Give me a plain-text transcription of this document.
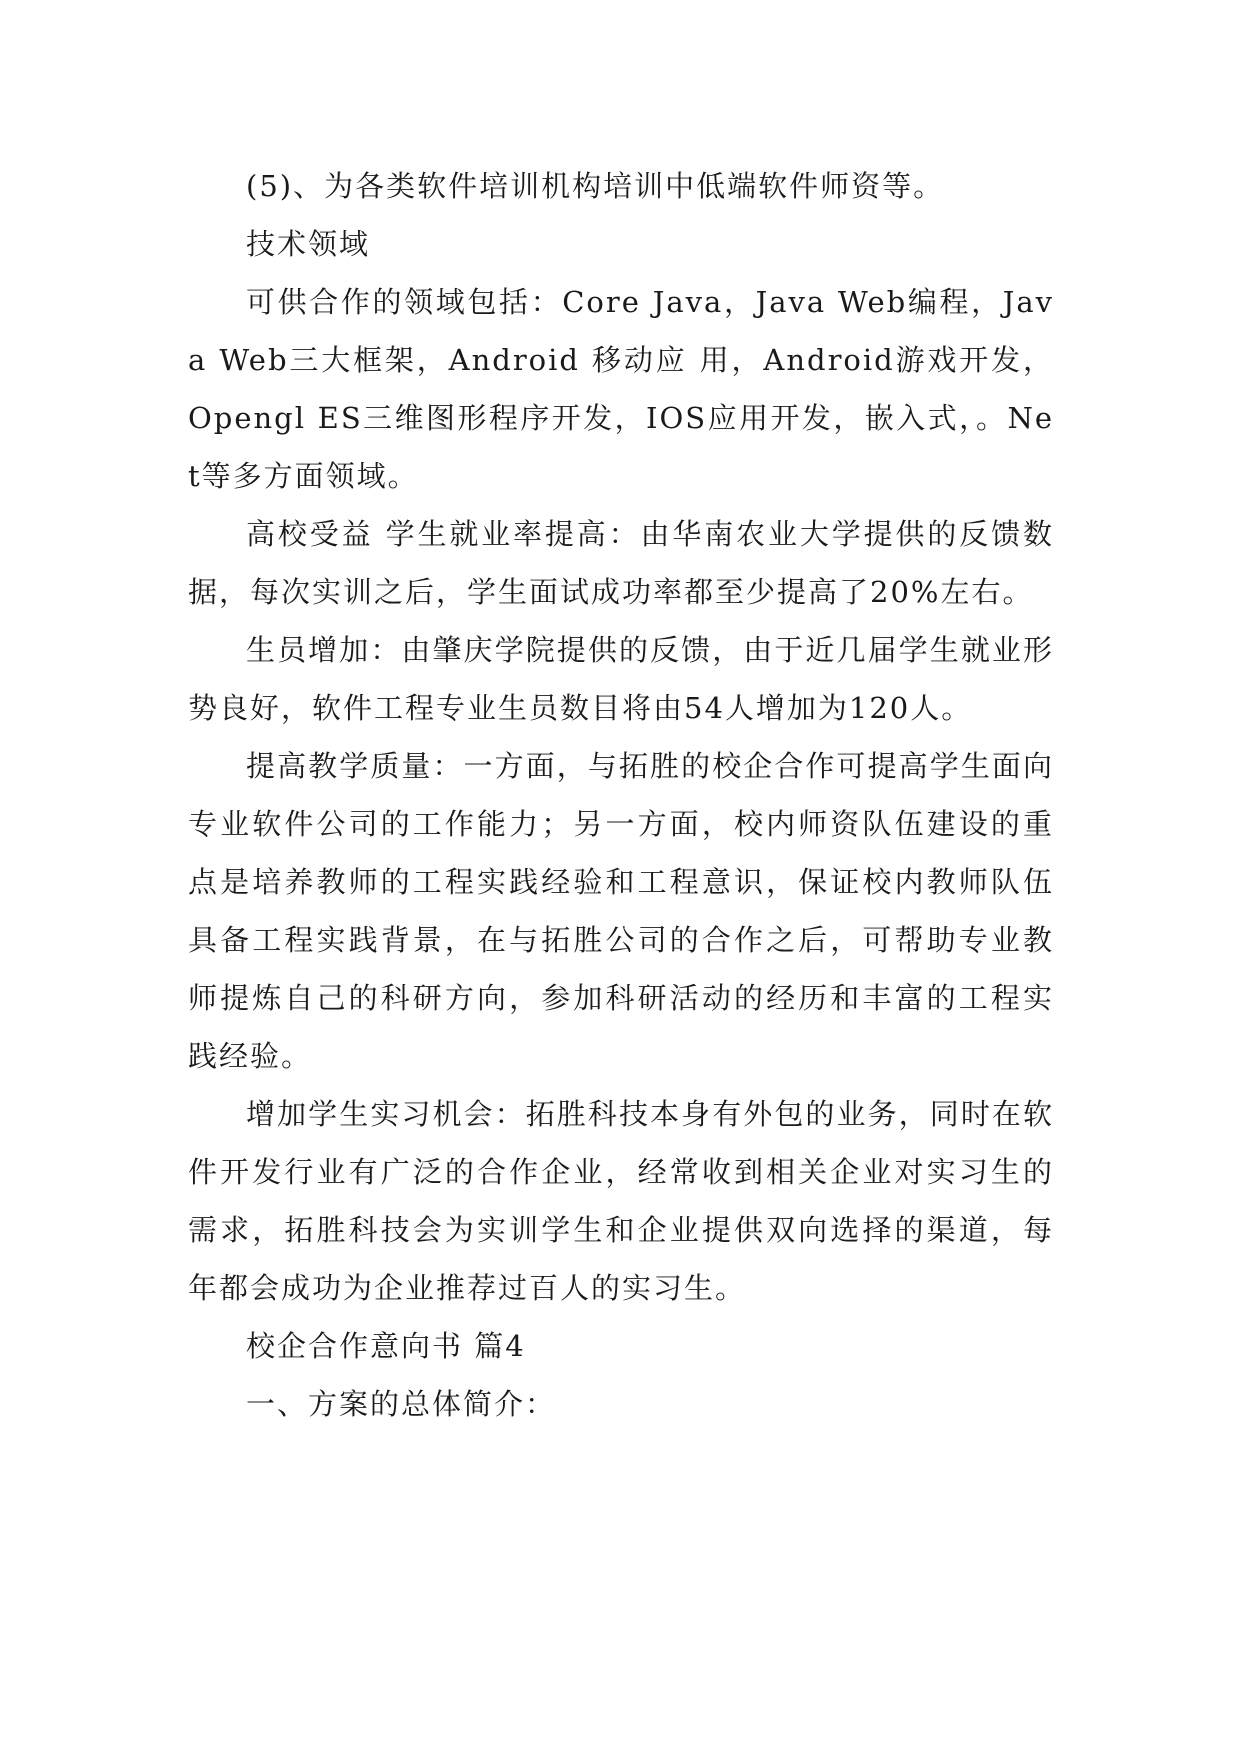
(5)、为各类软件培训机构培训中低端软件师资等。

技术领域

可供合作的领域包括：Core Java，Java Web编程，Java Web三大框架，Android 移动应 用，Android游戏开发，Opengl ES三维图形程序开发，IOS应用开发，嵌入式，。Net等多方面领域。

高校受益 学生就业率提高：由华南农业大学提供的反馈数据，每次实训之后，学生面试成功率都至少提高了20%左右。

生员增加：由肇庆学院提供的反馈，由于近几届学生就业形势良好，软件工程专业生员数目将由54人增加为120人。

提高教学质量：一方面，与拓胜的校企合作可提高学生面向专业软件公司的工作能力；另一方面，校内师资队伍建设的重点是培养教师的工程实践经验和工程意识，保证校内教师队伍具备工程实践背景，在与拓胜公司的合作之后，可帮助专业教师提炼自己的科研方向，参加科研活动的经历和丰富的工程实践经验。

增加学生实习机会：拓胜科技本身有外包的业务，同时在软件开发行业有广泛的合作企业，经常收到相关企业对实习生的需求，拓胜科技会为实训学生和企业提供双向选择的渠道，每年都会成功为企业推荐过百人的实习生。

校企合作意向书 篇4

一、方案的总体简介：
